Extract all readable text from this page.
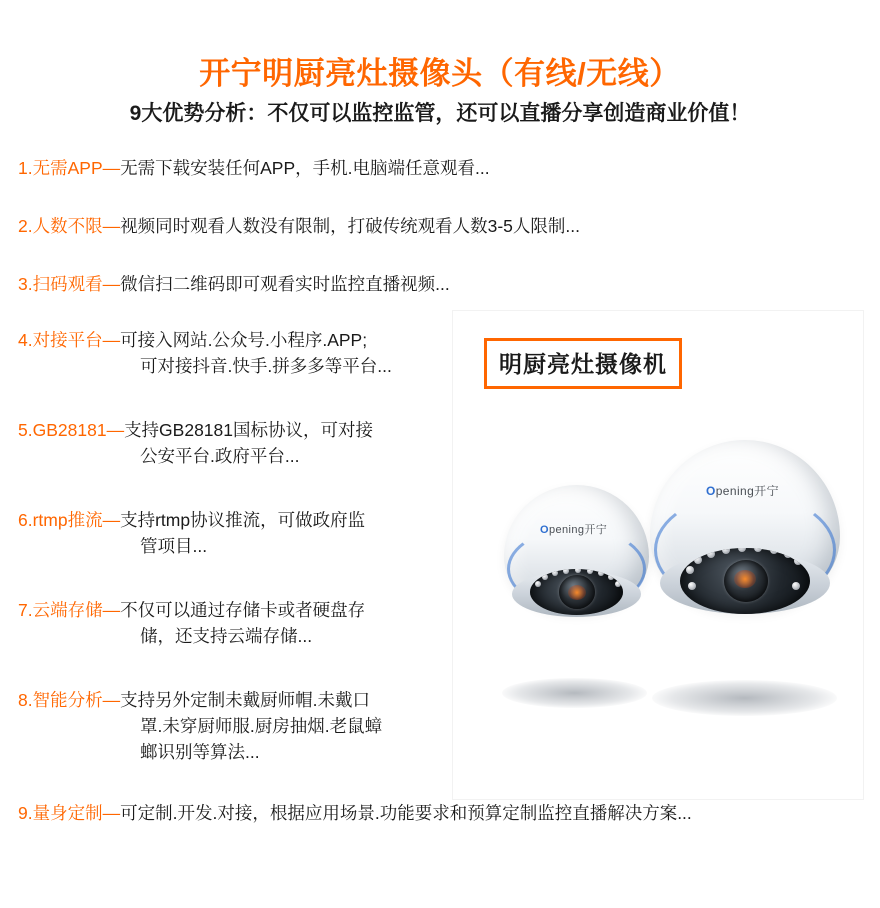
开宁明厨亮灶摄像头（有线/无线）
9大优势分析：不仅可以监控监管，还可以直播分享创造商业价值！
1.无需APP—无需下载安装任何APP，手机.电脑端任意观看...
2.人数不限—视频同时观看人数没有限制，打破传统观看人数3-5人限制...
3.扫码观看—微信扫二维码即可观看实时监控直播视频...
4.对接平台—可接入网站.公众号.小程序.APP;
可对接抖音.快手.拼多多等平台...
5.GB28181—支持GB28181国标协议，可对接
公安平台.政府平台...
6.rtmp推流—支持rtmp协议推流，可做政府监
管项目...
7.云端存储—不仅可以通过存储卡或者硬盘存
储，还支持云端存储...
8.智能分析—支持另外定制未戴厨师帽.未戴口
罩.未穿厨师服.厨房抽烟.老鼠蟑
螂识别等算法...
9.量身定制—可定制.开发.对接，根据应用场景.功能要求和预算定制监控直播解决方案...
明厨亮灶摄像机
Opening开宁
Opening开宁
